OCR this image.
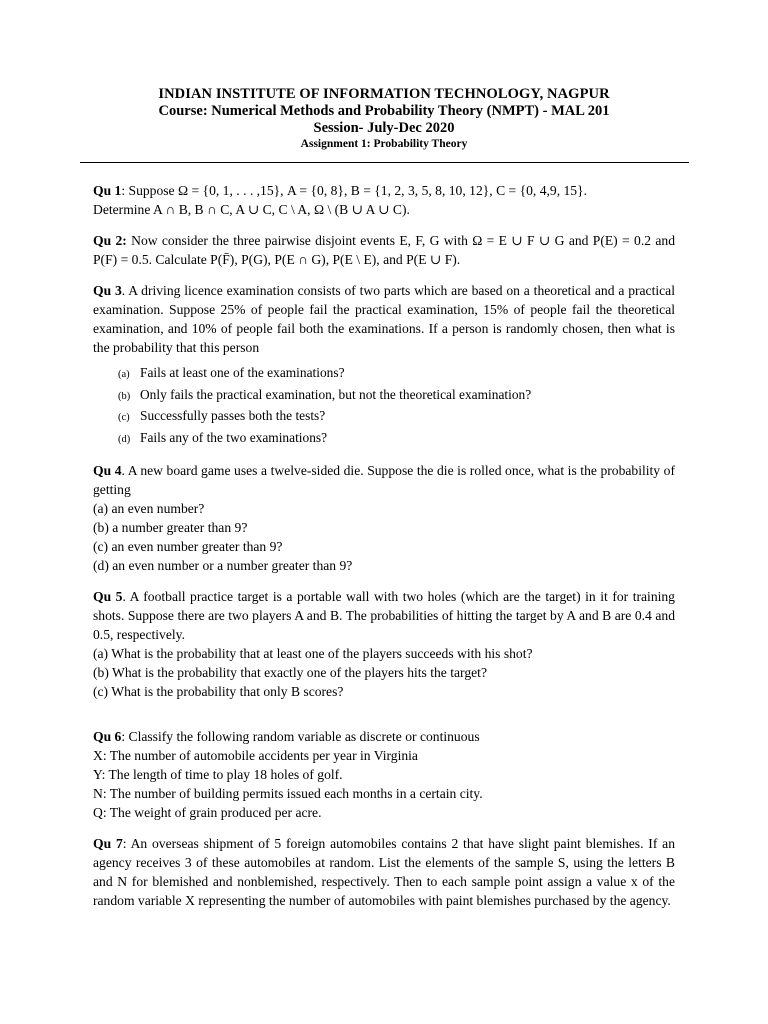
INDIAN INSTITUTE OF INFORMATION TECHNOLOGY, NAGPUR
Course: Numerical Methods and Probability Theory (NMPT) - MAL 201
Session- July-Dec 2020
Assignment 1: Probability Theory
Qu 1: Suppose Ω = {0, 1, . . . ,15}, A = {0, 8}, B = {1, 2, 3, 5, 8, 10, 12}, C = {0, 4,9, 15}.
Determine A ∩ B, B ∩ C, A ∪ C, C \ A, Ω \ (B ∪ A ∪ C).

Qu 2: Now consider the three pairwise disjoint events E, F, G with Ω = E ∪ F ∪ G and P(E) = 0.2 and P(F) = 0.5. Calculate P(F̄), P(G), P(E ∩ G), P(E \ E), and P(E ∪ F).

Qu 3. A driving licence examination consists of two parts which are based on a theoretical and a practical examination. Suppose 25% of people fail the practical examination, 15% of people fail the theoretical examination, and 10% of people fail both the examinations. If a person is randomly chosen, then what is the probability that this person

(a) Fails at least one of the examinations?
(b) Only fails the practical examination, but not the theoretical examination?
(c) Successfully passes both the tests?
(d) Fails any of the two examinations?

Qu 4. A new board game uses a twelve-sided die. Suppose the die is rolled once, what is the probability of getting

(a) an even number?
(b) a number greater than 9?
(c) an even number greater than 9?
(d) an even number or a number greater than 9?

Qu 5. A football practice target is a portable wall with two holes (which are the target) in it for training shots. Suppose there are two players A and B. The probabilities of hitting the target by A and B are 0.4 and 0.5, respectively.

(a) What is the probability that at least one of the players succeeds with his shot?
(b) What is the probability that exactly one of the players hits the target?
(c) What is the probability that only B scores?

Qu 6: Classify the following random variable as discrete or continuous

X: The number of automobile accidents per year in Virginia
Y: The length of time to play 18 holes of golf.
N: The number of building permits issued each months in a certain city.
Q: The weight of grain produced per acre.

Qu 7: An overseas shipment of 5 foreign automobiles contains 2 that have slight paint blemishes. If an agency receives 3 of these automobiles at random. List the elements of the sample S, using the letters B and N for blemished and nonblemished, respectively. Then to each sample point assign a value x of the random variable X representing the number of automobiles with paint blemishes purchased by the agency.
